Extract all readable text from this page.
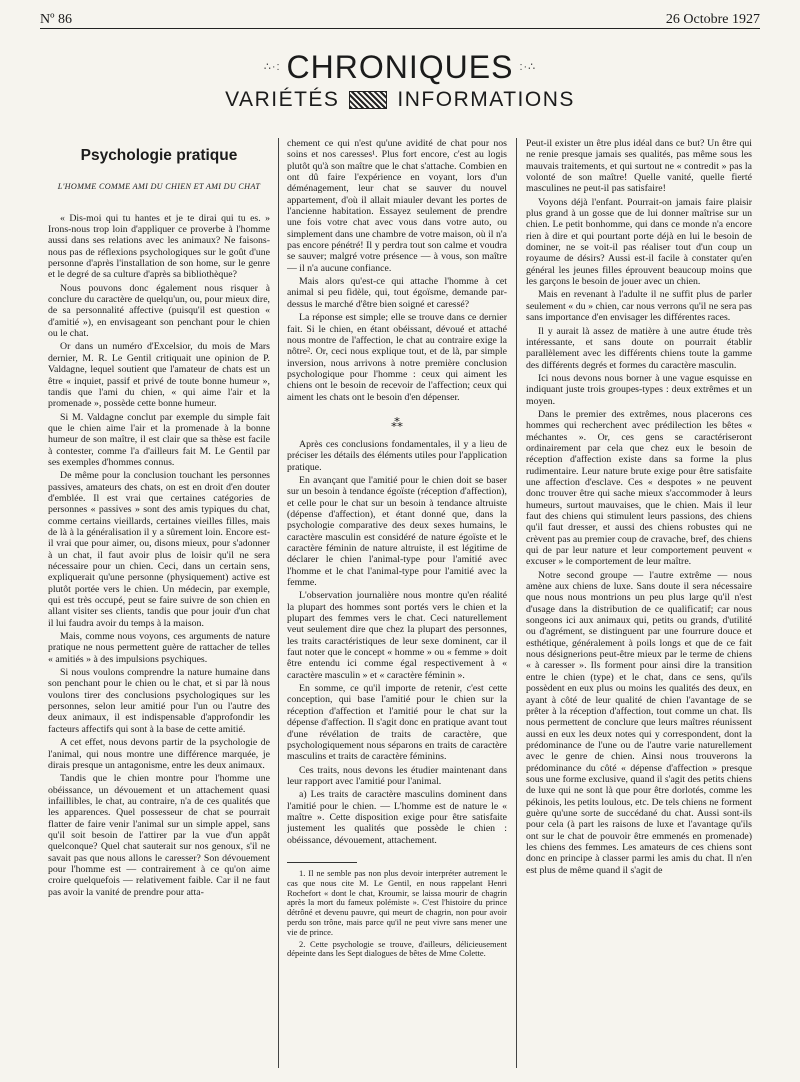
Nº 86	26 Octobre 1927
∴·: CHRONIQUES :·∴
VARIÉTÉS	INFORMATIONS
Psychologie pratique
L'HOMME COMME AMI DU CHIEN ET AMI DU CHAT

« Dis-moi qui tu hantes et je te dirai qui tu es. » Irons-nous trop loin d'appliquer ce proverbe à l'homme aussi dans ses relations avec les animaux? Ne faisons-nous pas de réflexions psychologiques sur le goût d'une personne d'après l'installation de son home, sur le genre et le degré de sa culture d'après sa bibliothèque?

Nous pouvons donc également nous risquer à conclure du caractère de quelqu'un, ou, pour mieux dire, de sa personnalité affective (puisqu'il est question « d'amitié »), en envisageant son penchant pour le chien ou le chat.

Or dans un numéro d'Excelsior, du mois de Mars dernier, M. R. Le Gentil critiquait une opinion de P. Valdagne, lequel soutient que l'amateur de chats est un être « inquiet, passif et privé de toute bonne humeur », tandis que l'ami du chien, « qui aime l'air et la promenade », possède cette bonne humeur.

Si M. Valdagne conclut par exemple du simple fait que le chien aime l'air et la promenade à la bonne humeur de son maître, il est clair que sa thèse est facile à contester, comme l'a d'ailleurs fait M. Le Gentil par ses exemples d'hommes connus.

De même pour la conclusion touchant les personnes passives, amateurs des chats, on est en droit d'en douter d'emblée. Il est vrai que certaines catégories de personnes « passives » sont des amis typiques du chat, comme certains vieillards, certaines vieilles filles, mais de là à la généralisation il y a sûrement loin. Encore est-il vrai que pour aimer, ou, disons mieux, pour s'adonner à un chat, il faut avoir plus de loisir qu'il ne sera nécessaire pour un chien. Ceci, dans un certain sens, expliquerait qu'une personne (physiquement) active est plutôt portée vers le chien. Un médecin, par exemple, qui est très occupé, peut se faire suivre de son chien en allant visiter ses clients, tandis que pour jouir d'un chat il lui faudra avoir du temps à la maison.

Mais, comme nous voyons, ces arguments de nature pratique ne nous permettent guère de rattacher de telles « amitiés » à des impulsions psychiques.

Si nous voulons comprendre la nature humaine dans son penchant pour le chien ou le chat, et si par là nous voulons tirer des conclusions psychologiques sur les personnes, selon leur amitié pour l'un ou l'autre des deux animaux, il est indispensable d'approfondir les facteurs affectifs qui sont à la base de cette amitié.

A cet effet, nous devons partir de la psychologie de l'animal, qui nous montre une différence marquée, je dirais presque un antagonisme, entre les deux animaux.

Tandis que le chien montre pour l'homme une obéissance, un dévouement et un attachement quasi infaillibles, le chat, au contraire, n'a de ces qualités que les apparences. Quel possesseur de chat se pourrait flatter de faire venir l'animal sur un simple appel, sans qu'il soit besoin de l'attirer par la vue d'un appât quelconque? Quel chat sauterait sur nos genoux, s'il ne savait pas que nous allons le caresser? Son dévouement pour l'homme est — contrairement à ce qu'on aime croire quelquefois — relativement faible. Car il ne faut pas avoir la vanité de prendre pour atta-

chement ce qui n'est qu'une avidité de chat pour nos soins et nos caresses¹. Plus fort encore, c'est au logis plutôt qu'à son maître que le chat s'attache. Combien en ont dû faire l'expérience en voyant, lors d'un déménagement, leur chat se sauver du nouvel appartement, d'où il allait miauler devant les portes de l'ancienne habitation. Essayez seulement de prendre une fois votre chat avec vous dans votre auto, ou simplement dans une chambre de votre maison, où il n'a pas encore pénétré! Il y perdra tout son calme et voudra se sauver; malgré votre présence — à vous, son maître — il n'a aucune confiance.

Mais alors qu'est-ce qui attache l'homme à cet animal si peu fidèle, qui, tout égoïsme, demande par-dessus le marché d'être bien soigné et caressé?

La réponse est simple; elle se trouve dans ce dernier fait. Si le chien, en étant obéissant, dévoué et attaché nous montre de l'affection, le chat au contraire exige la nôtre². Or, ceci nous explique tout, et de là, par simple inversion, nous arrivons à notre première conclusion psychologique pour l'homme : ceux qui aiment les chiens ont le besoin de recevoir de l'affection; ceux qui aiment les chats ont le besoin d'en dépenser.

⁂

Après ces conclusions fondamentales, il y a lieu de préciser les détails des éléments utiles pour l'application pratique.

En avançant que l'amitié pour le chien doit se baser sur un besoin à tendance égoïste (réception d'affection), et celle pour le chat sur un besoin à tendance altruiste (dépense d'affection), et étant donné que, dans la psychologie comparative des deux sexes humains, le caractère masculin est considéré de nature égoïste et le caractère féminin de nature altruiste, il est légitime de déclarer le chien l'animal-type pour l'amitié avec l'homme et le chat l'animal-type pour l'amitié avec la femme.

L'observation journalière nous montre qu'en réalité la plupart des hommes sont portés vers le chien et la plupart des femmes vers le chat. Ceci naturellement veut seulement dire que chez la plupart des personnes, les traits caractéristiques de leur sexe dominent, car il faut noter que le concept « homme » ou « femme » doit être entendu ici comme égal respectivement à « caractère masculin » et « caractère féminin ».

En somme, ce qu'il importe de retenir, c'est cette conception, qui base l'amitié pour le chien sur la réception d'affection et l'amitié pour le chat sur la dépense d'affection. Il s'agit donc en pratique avant tout d'une révélation de traits de caractère, que psychologiquement nous séparons en traits de caractère masculins et traits de caractère féminins.

Ces traits, nous devons les étudier maintenant dans leur rapport avec l'amitié pour l'animal.

a) Les traits de caractère masculins dominent dans l'amitié pour le chien. — L'homme est de nature le « maître ». Cette disposition exige pour être satisfaite justement les qualités que possède le chien : obéissance, dévouement, attachement.

1. Il ne semble pas non plus devoir interpréter autrement le cas que nous cite M. Le Gentil, en nous rappelant Henri Rochefort « dont le chat, Kroumir, se laissa mourir de chagrin après la mort du fameux polémiste ». C'est l'histoire du prince détrôné et devenu pauvre, qui meurt de chagrin, non pour avoir perdu son trône, mais parce qu'il ne peut vivre sans mener une vie de prince.

2. Cette psychologie se trouve, d'ailleurs, délicieusement dépeinte dans les Sept dialogues de bêtes de Mme Colette.

Peut-il exister un être plus idéal dans ce but? Un être qui ne renie presque jamais ses qualités, pas même sous les mauvais traitements, et qui surtout ne « contredit » pas la volonté de son maître! Quelle vanité, quelle fierté masculines ne peut-il pas satisfaire!

Voyons déjà l'enfant. Pourrait-on jamais faire plaisir plus grand à un gosse que de lui donner maîtrise sur un chien. Le petit bonhomme, qui dans ce monde n'a encore rien à dire et qui pourtant porte déjà en lui le besoin de dominer, ne se voit-il pas réaliser tout d'un coup un royaume de désirs? Aussi est-il facile à constater qu'en général les jeunes filles éprouvent beaucoup moins que les garçons le besoin de jouer avec un chien.

Mais en revenant à l'adulte il ne suffit plus de parler seulement « du » chien, car nous verrons qu'il ne sera pas sans importance d'en envisager les différentes races.

Il y aurait là assez de matière à une autre étude très intéressante, et sans doute on pourrait établir parallèlement avec les différents chiens toute la gamme des différents degrés et formes du caractère masculin.

Ici nous devons nous borner à une vague esquisse en indiquant juste trois groupes-types : deux extrêmes et un moyen.

Dans le premier des extrêmes, nous placerons ces hommes qui recherchent avec prédilection les bêtes « méchantes ». Or, ces gens se caractériseront ordinairement par cela que chez eux le besoin de réception d'affection existe dans sa forme la plus rudimentaire. Leur nature brute exige pour être satisfaite une affection d'esclave. Ces « despotes » ne peuvent donc trouver être qui sache mieux s'accommoder à leurs humeurs, surtout mauvaises, que le chien. Mais il leur faut des chiens qui stimulent leurs passions, des chiens qu'il faut dresser, et aussi des chiens robustes qui ne crèvent pas au premier coup de cravache, bref, des chiens qui de par leur nature et leur comportement peuvent « excuser » le comportement de leur maître.

Notre second groupe — l'autre extrême — nous amène aux chiens de luxe. Sans doute il sera nécessaire que nous nous montrions un peu plus large qu'il n'est d'usage dans la distribution de ce qualificatif; car nous songeons ici aux animaux qui, petits ou grands, d'utilité ou d'agrément, se distinguent par une fourrure douce et esthétique, généralement à poils longs et que de ce fait nous désignerions peut-être mieux par le terme de chiens « à caresser ». Ils forment pour ainsi dire la transition entre le chien (type) et le chat, dans ce sens, qu'ils possèdent en eux plus ou moins les qualités des deux, en ayant à côté de leur qualité de chien l'avantage de se prêter à la réception d'affection, tout comme un chat. Ils nous permettent de conclure que leurs maîtres réunissent aussi en eux les deux notes qui y correspondent, dont la prédominance de l'une ou de l'autre varie naturellement avec le genre de chien. Ainsi nous trouverons la prédominance du côté « dépense d'affection » presque sous une forme exclusive, quand il s'agit des petits chiens de luxe qui ne sont là que pour être dorlotés, comme les pékinois, les petits loulous, etc. De tels chiens ne forment guère qu'une sorte de succédané du chat. Aussi sont-ils pour cela (à part les raisons de luxe et l'avantage qu'ils ont sur le chat de pouvoir être emmenés en promenade) les chiens des femmes. Les amateurs de ces chiens sont donc en principe à classer parmi les amis du chat. Il n'en est plus de même quand il s'agit de
